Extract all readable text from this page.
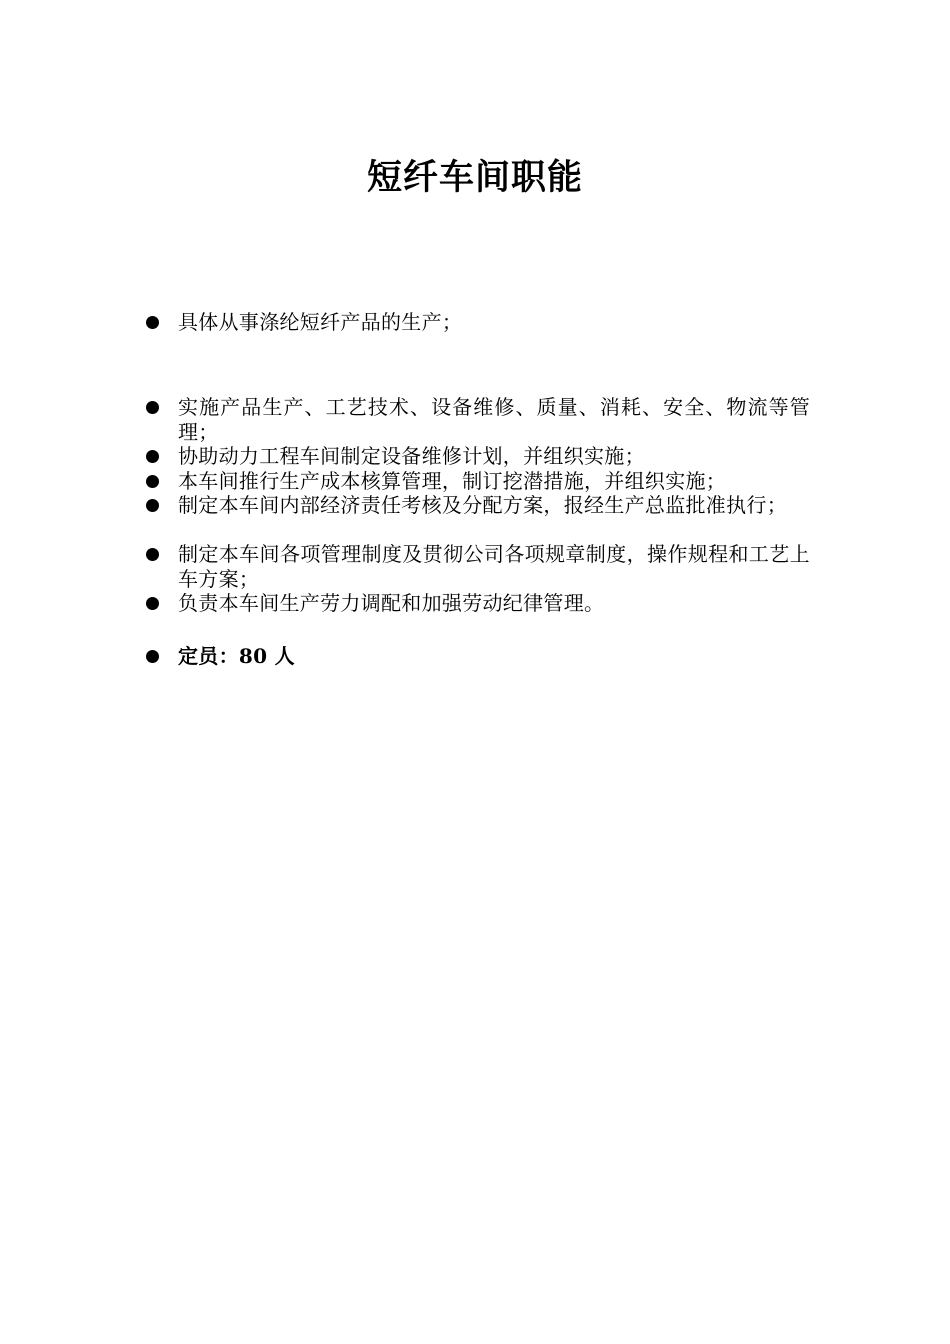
短纤车间职能
具体从事涤纶短纤产品的生产；
实施产品生产、工艺技术、设备维修、质量、消耗、安全、物流等管理；
协助动力工程车间制定设备维修计划，并组织实施；
本车间推行生产成本核算管理，制订挖潜措施，并组织实施；
制定本车间内部经济责任考核及分配方案，报经生产总监批准执行；
制定本车间各项管理制度及贯彻公司各项规章制度，操作规程和工艺上车方案；
负责本车间生产劳力调配和加强劳动纪律管理。
定员：80 人
